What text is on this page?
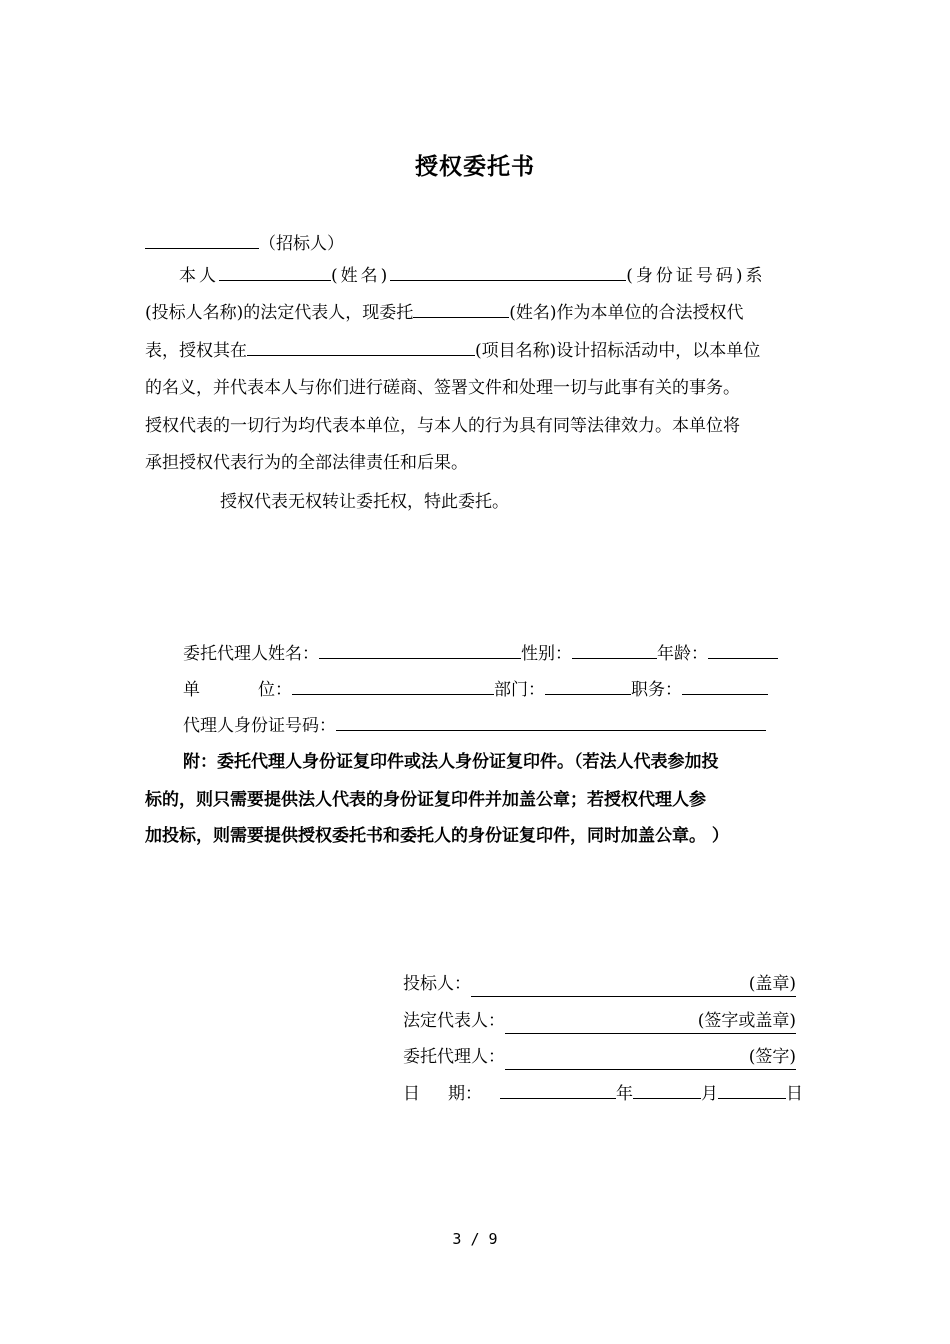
授权委托书
（招标人）
本人	(姓名)	(身份证号码)系
(投标人名称)的法定代表人，现委托	(姓名)作为本单位的合法授权代
表，授权其在	(项目名称)设计招标活动中，以本单位
的名义，并代表本人与你们进行磋商、签署文件和处理一切与此事有关的事务。
授权代表的一切行为均代表本单位，与本人的行为具有同等法律效力。本单位将
承担授权代表行为的全部法律责任和后果。
授权代表无权转让委托权，特此委托。
委托代理人姓名：	性别：	年龄：
单	位：	部门：	职务：
代理人身份证号码：
附：委托代理人身份证复印件或法人身份证复印件。（若法人代表参加投
标的，则只需要提供法人代表的身份证复印件并加盖公章；若授权代理人参
加投标，则需要提供授权委托书和委托人的身份证复印件，同时加盖公章。 ）
投标人：	(盖章)
法定代表人：	(签字或盖章)
委托代理人：	(签字)
日 期：	年	月	日
3 / 9
